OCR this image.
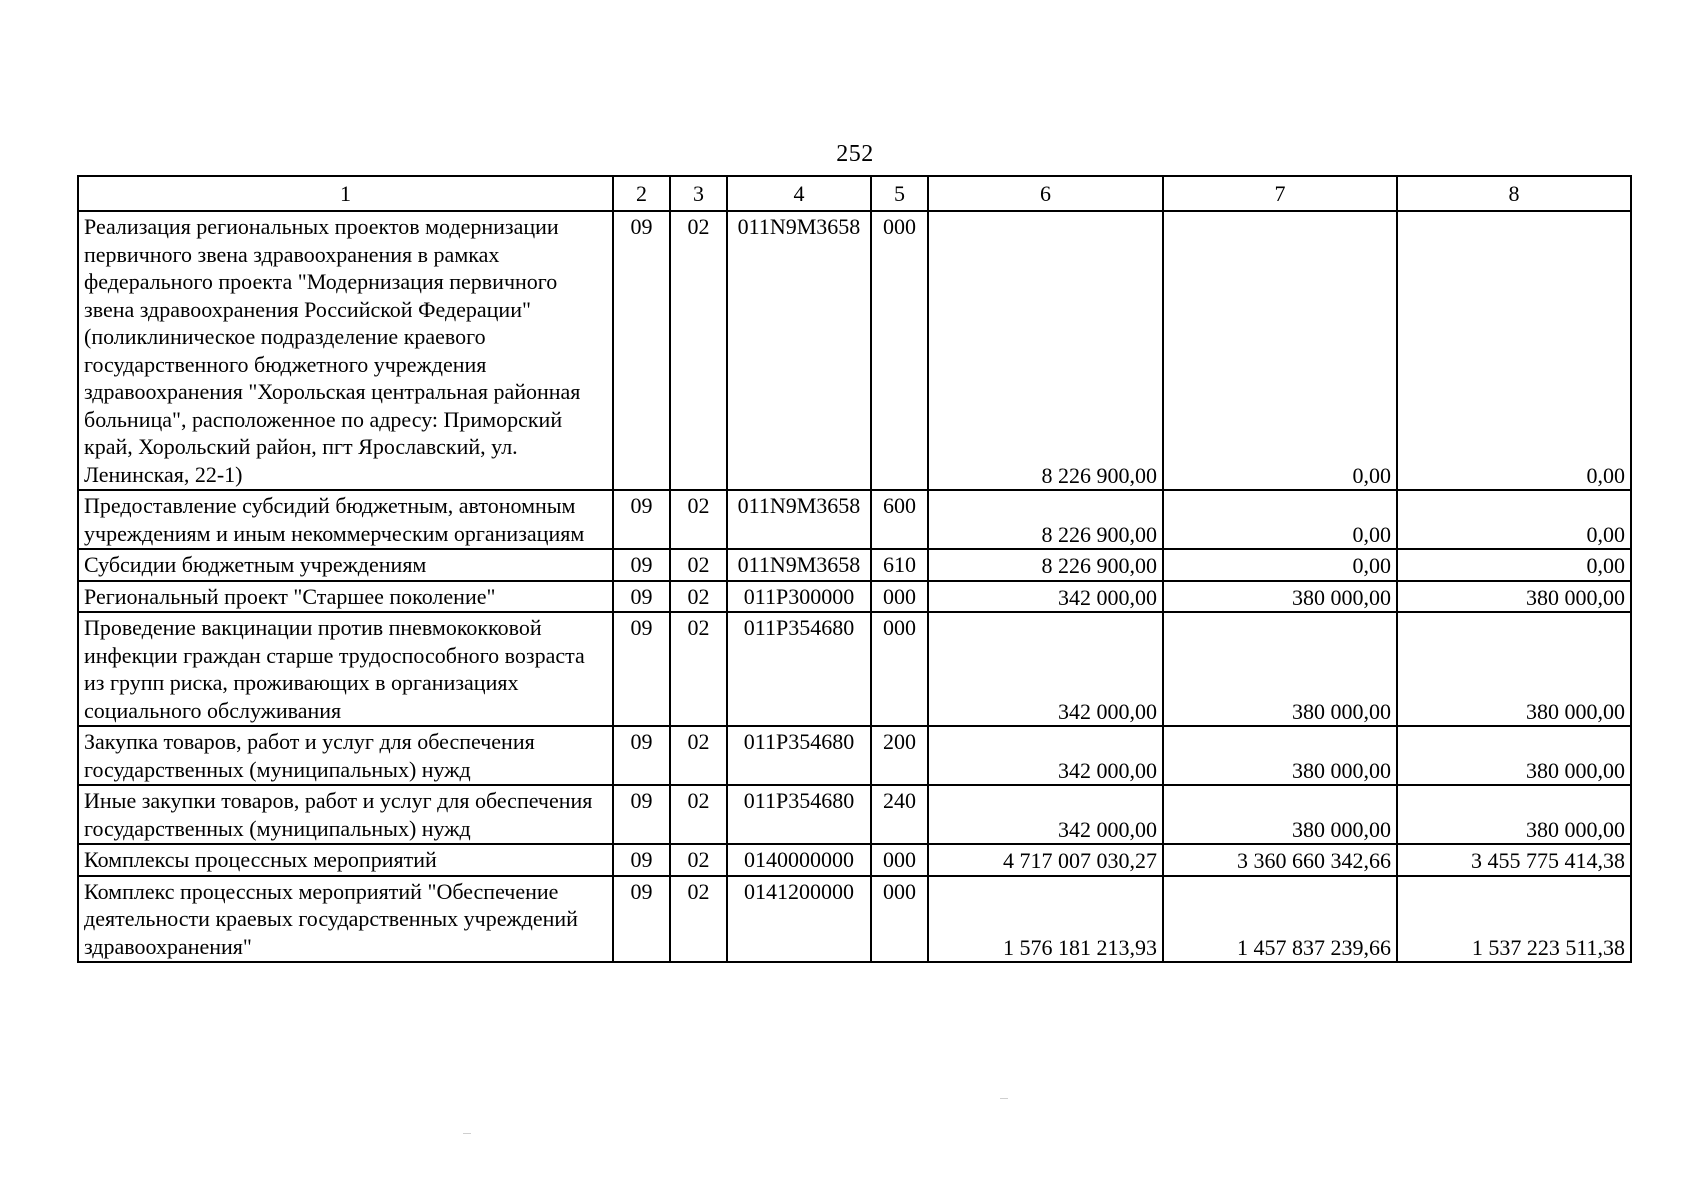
252
1	2	3	4	5	6	7	8
Реализация региональных проектов модернизации первичного звена здравоохранения в рамках федерального проекта "Модернизация первичного звена здравоохранения Российской Федерации" (поликлиническое подразделение краевого государственного бюджетного учреждения здравоохранения "Хорольская центральная районная больница", расположенное по адресу: Приморский край, Хорольский район, пгт Ярославский, ул. Ленинская, 22-1)	09	02	011N9M3658	000	8 226 900,00	0,00	0,00
Предоставление субсидий бюджетным, автономным учреждениям и иным некоммерческим организациям	09	02	011N9M3658	600	8 226 900,00	0,00	0,00
Субсидии бюджетным учреждениям	09	02	011N9M3658	610	8 226 900,00	0,00	0,00
Региональный проект "Старшее поколение"	09	02	011P300000	000	342 000,00	380 000,00	380 000,00
Проведение вакцинации против пневмококковой инфекции граждан старше трудоспособного возраста из групп риска, проживающих в организациях социального обслуживания	09	02	011P354680	000	342 000,00	380 000,00	380 000,00
Закупка товаров, работ и услуг для обеспечения государственных (муниципальных) нужд	09	02	011P354680	200	342 000,00	380 000,00	380 000,00
Иные закупки товаров, работ и услуг для обеспечения государственных (муниципальных) нужд	09	02	011P354680	240	342 000,00	380 000,00	380 000,00
Комплексы процессных мероприятий	09	02	0140000000	000	4 717 007 030,27	3 360 660 342,66	3 455 775 414,38
Комплекс процессных мероприятий "Обеспечение деятельности краевых государственных учреждений здравоохранения"	09	02	0141200000	000	1 576 181 213,93	1 457 837 239,66	1 537 223 511,38
